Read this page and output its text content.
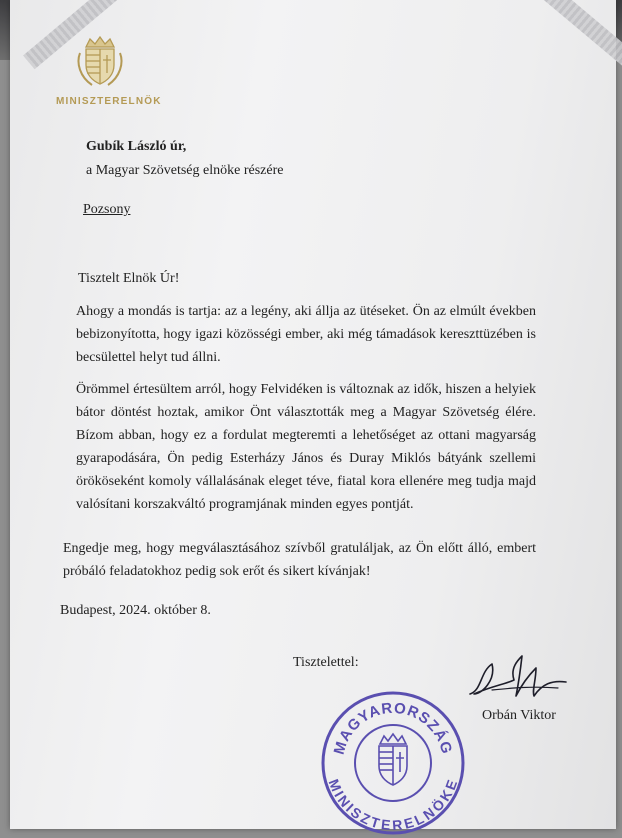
MINISZTERELNÖK
Gubík László úr,
a Magyar Szövetség elnöke részére
Pozsony
Tisztelt Elnök Úr!
Ahogy a mondás is tartja: az a legény, aki állja az ütéseket. Ön az elmúlt években bebizonyította, hogy igazi közösségi ember, aki még támadások kereszttüzében is becsülettel helyt tud állni.
Örömmel értesültem arról, hogy Felvidéken is változnak az idők, hiszen a helyiek bátor döntést hoztak, amikor Önt választották meg a Magyar Szövetség élére. Bízom abban, hogy ez a fordulat megteremti a lehetőséget az ottani magyarság gyarapodására, Ön pedig Esterházy János és Duray Miklós bátyánk szellemi örököseként komoly vállalásának eleget téve, fiatal kora ellenére meg tudja majd valósítani korszakváltó programjának minden egyes pontját.
Engedje meg, hogy megválasztásához szívből gratuláljak, az Ön előtt álló, embert próbáló feladatokhoz pedig sok erőt és sikert kívánjak!
Budapest, 2024. október 8.
Tisztelettel:
Orbán Viktor
MAGYARORSZÁG
MINISZTERELNÖKE
